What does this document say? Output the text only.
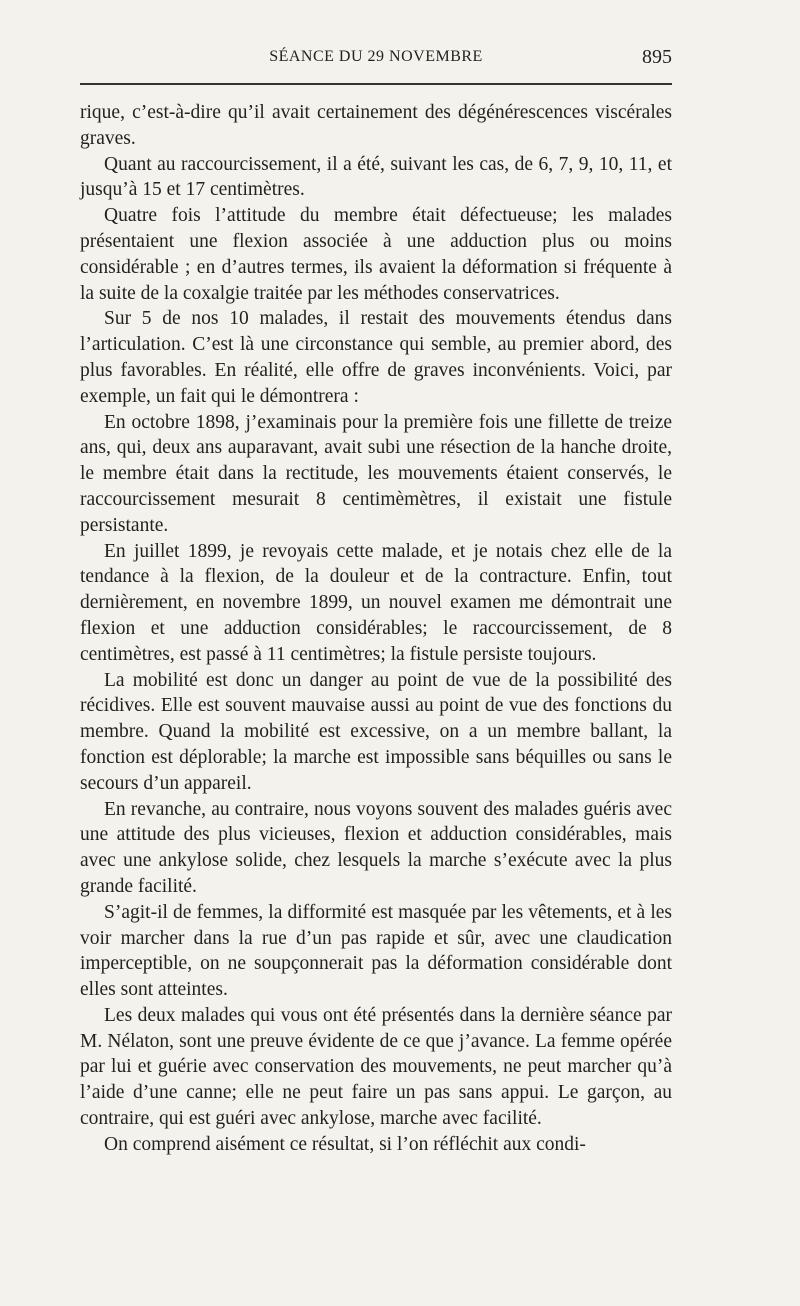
SÉANCE DU 29 NOVEMBRE	895

rique, c’est-à-dire qu’il avait certainement des dégénérescences viscérales graves.

Quant au raccourcissement, il a été, suivant les cas, de 6, 7, 9, 10, 11, et jusqu’à 15 et 17 centimètres.

Quatre fois l’attitude du membre était défectueuse; les malades présentaient une flexion associée à une adduction plus ou moins considérable ; en d’autres termes, ils avaient la déformation si fréquente à la suite de la coxalgie traitée par les méthodes conservatrices.

Sur 5 de nos 10 malades, il restait des mouvements étendus dans l’articulation. C’est là une circonstance qui semble, au premier abord, des plus favorables. En réalité, elle offre de graves inconvénients. Voici, par exemple, un fait qui le démontrera :

En octobre 1898, j’examinais pour la première fois une fillette de treize ans, qui, deux ans auparavant, avait subi une résection de la hanche droite, le membre était dans la rectitude, les mouvements étaient conservés, le raccourcissement mesurait 8 centimèmètres, il existait une fistule persistante.

En juillet 1899, je revoyais cette malade, et je notais chez elle de la tendance à la flexion, de la douleur et de la contracture. Enfin, tout dernièrement, en novembre 1899, un nouvel examen me démontrait une flexion et une adduction considérables; le raccourcissement, de 8 centimètres, est passé à 11 centimètres; la fistule persiste toujours.

La mobilité est donc un danger au point de vue de la possibilité des récidives. Elle est souvent mauvaise aussi au point de vue des fonctions du membre. Quand la mobilité est excessive, on a un membre ballant, la fonction est déplorable; la marche est impossible sans béquilles ou sans le secours d’un appareil.

En revanche, au contraire, nous voyons souvent des malades guéris avec une attitude des plus vicieuses, flexion et adduction considérables, mais avec une ankylose solide, chez lesquels la marche s’exécute avec la plus grande facilité.

S’agit-il de femmes, la difformité est masquée par les vêtements, et à les voir marcher dans la rue d’un pas rapide et sûr, avec une claudication imperceptible, on ne soupçonnerait pas la déformation considérable dont elles sont atteintes.

Les deux malades qui vous ont été présentés dans la dernière séance par M. Nélaton, sont une preuve évidente de ce que j’avance. La femme opérée par lui et guérie avec conservation des mouvements, ne peut marcher qu’à l’aide d’une canne; elle ne peut faire un pas sans appui. Le garçon, au contraire, qui est guéri avec ankylose, marche avec facilité.

On comprend aisément ce résultat, si l’on réfléchit aux condi-
